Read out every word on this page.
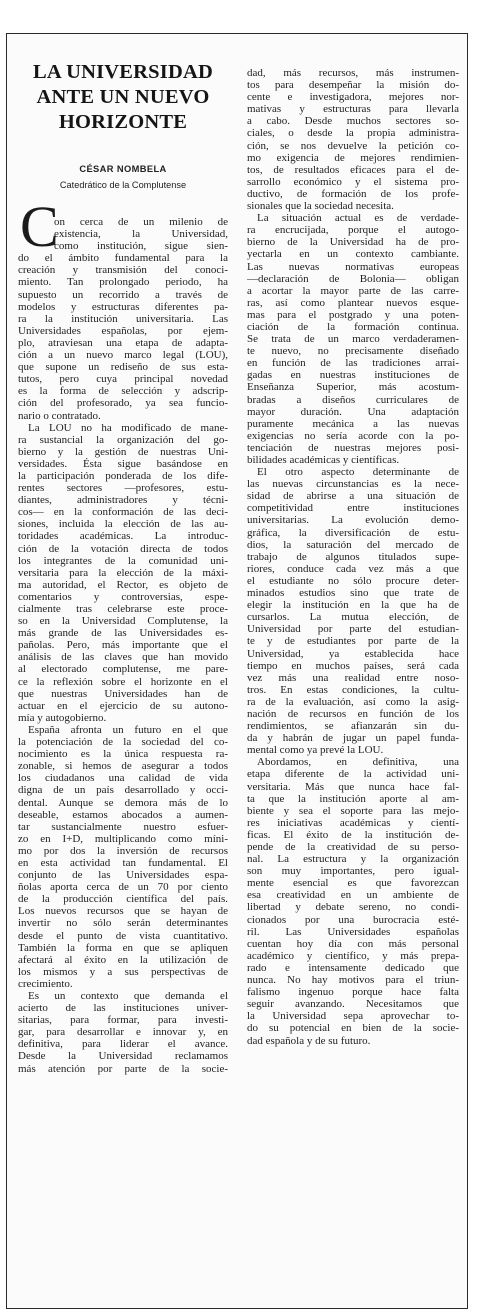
LA UNIVERSIDAD
ANTE UN NUEVO
HORIZONTE
CÉSAR NOMBELA
Catedrático de la Complutense
C
on cerca de un milenio de
existencia, la Universidad,
como institución, sigue sien-
do el ámbito fundamental para la
creación y transmisión del conoci-
miento. Tan prolongado periodo, ha
supuesto un recorrido a través de
modelos y estructuras diferentes pa-
ra la institución universitaria. Las
Universidades españolas, por ejem-
plo, atraviesan una etapa de adapta-
ción a un nuevo marco legal (LOU),
que supone un rediseño de sus esta-
tutos, pero cuya principal novedad
es la forma de selección y adscrip-
ción del profesorado, ya sea funcio-
nario o contratado.
La LOU no ha modificado de mane-
ra sustancial la organización del go-
bierno y la gestión de nuestras Uni-
versidades. Ésta sigue basándose en
la participación ponderada de los dife-
rentes sectores —profesores, estu-
diantes, administradores y técni-
cos— en la conformación de las deci-
siones, incluida la elección de las au-
toridades académicas. La introduc-
ción de la votación directa de todos
los integrantes de la comunidad uni-
versitaria para la elección de la máxi-
ma autoridad, el Rector, es objeto de
comentarios y controversias, espe-
cialmente tras celebrarse este proce-
so en la Universidad Complutense, la
más grande de las Universidades es-
pañolas. Pero, más importante que el
análisis de las claves que han movido
al electorado complutense, me pare-
ce la reflexión sobre el horizonte en el
que nuestras Universidades han de
actuar en el ejercicio de su autono-
mía y autogobierno.
España afronta un futuro en el que
la potenciación de la sociedad del co-
nocimiento es la única respuesta ra-
zonable, si hemos de asegurar a todos
los ciudadanos una calidad de vida
digna de un país desarrollado y occi-
dental. Aunque se demora más de lo
deseable, estamos abocados a aumen-
tar sustancialmente nuestro esfuer-
zo en I+D, multiplicando como míni-
mo por dos la inversión de recursos
en esta actividad tan fundamental. El
conjunto de las Universidades espa-
ñolas aporta cerca de un 70 por ciento
de la producción científica del país.
Los nuevos recursos que se hayan de
invertir no sólo serán determinantes
desde el punto de vista cuantitativo.
También la forma en que se apliquen
afectará al éxito en la utilización de
los mismos y a sus perspectivas de
crecimiento.
Es un contexto que demanda el
acierto de las instituciones univer-
sitarias, para formar, para investi-
gar, para desarrollar e innovar y, en
definitiva, para liderar el avance.
Desde la Universidad reclamamos
más atención por parte de la socie-
dad, más recursos, más instrumen-
tos para desempeñar la misión do-
cente e investigadora, mejores nor-
mativas y estructuras para llevarla
a cabo. Desde muchos sectores so-
ciales, o desde la propia administra-
ción, se nos devuelve la petición co-
mo exigencia de mejores rendimien-
tos, de resultados eficaces para el de-
sarrollo económico y el sistema pro-
ductivo, de formación de los profe-
sionales que la sociedad necesita.
La situación actual es de verdade-
ra encrucijada, porque el autogo-
bierno de la Universidad ha de pro-
yectarla en un contexto cambiante.
Las nuevas normativas europeas
—declaración de Bolonia— obligan
a acortar la mayor parte de las carre-
ras, así como plantear nuevos esque-
mas para el postgrado y una poten-
ciación de la formación continua.
Se trata de un marco verdaderamen-
te nuevo, no precisamente diseñado
en función de las tradiciones arrai-
gadas en nuestras instituciones de
Enseñanza Superior, más acostum-
bradas a diseños curriculares de
mayor duración. Una adaptación
puramente mecánica a las nuevas
exigencias no sería acorde con la po-
tenciación de nuestras mejores posi-
bilidades académicas y científicas.
El otro aspecto determinante de
las nuevas circunstancias es la nece-
sidad de abrirse a una situación de
competitividad entre instituciones
universitarias. La evolución demo-
gráfica, la diversificación de estu-
dios, la saturación del mercado de
trabajo de algunos titulados supe-
riores, conduce cada vez más a que
el estudiante no sólo procure deter-
minados estudios sino que trate de
elegir la institución en la que ha de
cursarlos. La mutua elección, de
Universidad por parte del estudian-
te y de estudiantes por parte de la
Universidad, ya establecida hace
tiempo en muchos países, será cada
vez más una realidad entre noso-
tros. En estas condiciones, la cultu-
ra de la evaluación, así como la asig-
nación de recursos en función de los
rendimientos, se afianzarán sin du-
da y habrán de jugar un papel funda-
mental como ya prevé la LOU.
Abordamos, en definitiva, una
etapa diferente de la actividad uni-
versitaria. Más que nunca hace fal-
ta que la institución aporte al am-
biente y sea el soporte para las mejo-
res iniciativas académicas y cientí-
ficas. El éxito de la institución de-
pende de la creatividad de su perso-
nal. La estructura y la organización
son muy importantes, pero igual-
mente esencial es que favorezcan
esa creatividad en un ambiente de
libertad y debate sereno, no condi-
cionados por una burocracia esté-
ril. Las Universidades españolas
cuentan hoy día con más personal
académico y científico, y más prepa-
rado e intensamente dedicado que
nunca. No hay motivos para el triun-
falismo ingenuo porque hace falta
seguir avanzando. Necesitamos que
la Universidad sepa aprovechar to-
do su potencial en bien de la socie-
dad española y de su futuro.
